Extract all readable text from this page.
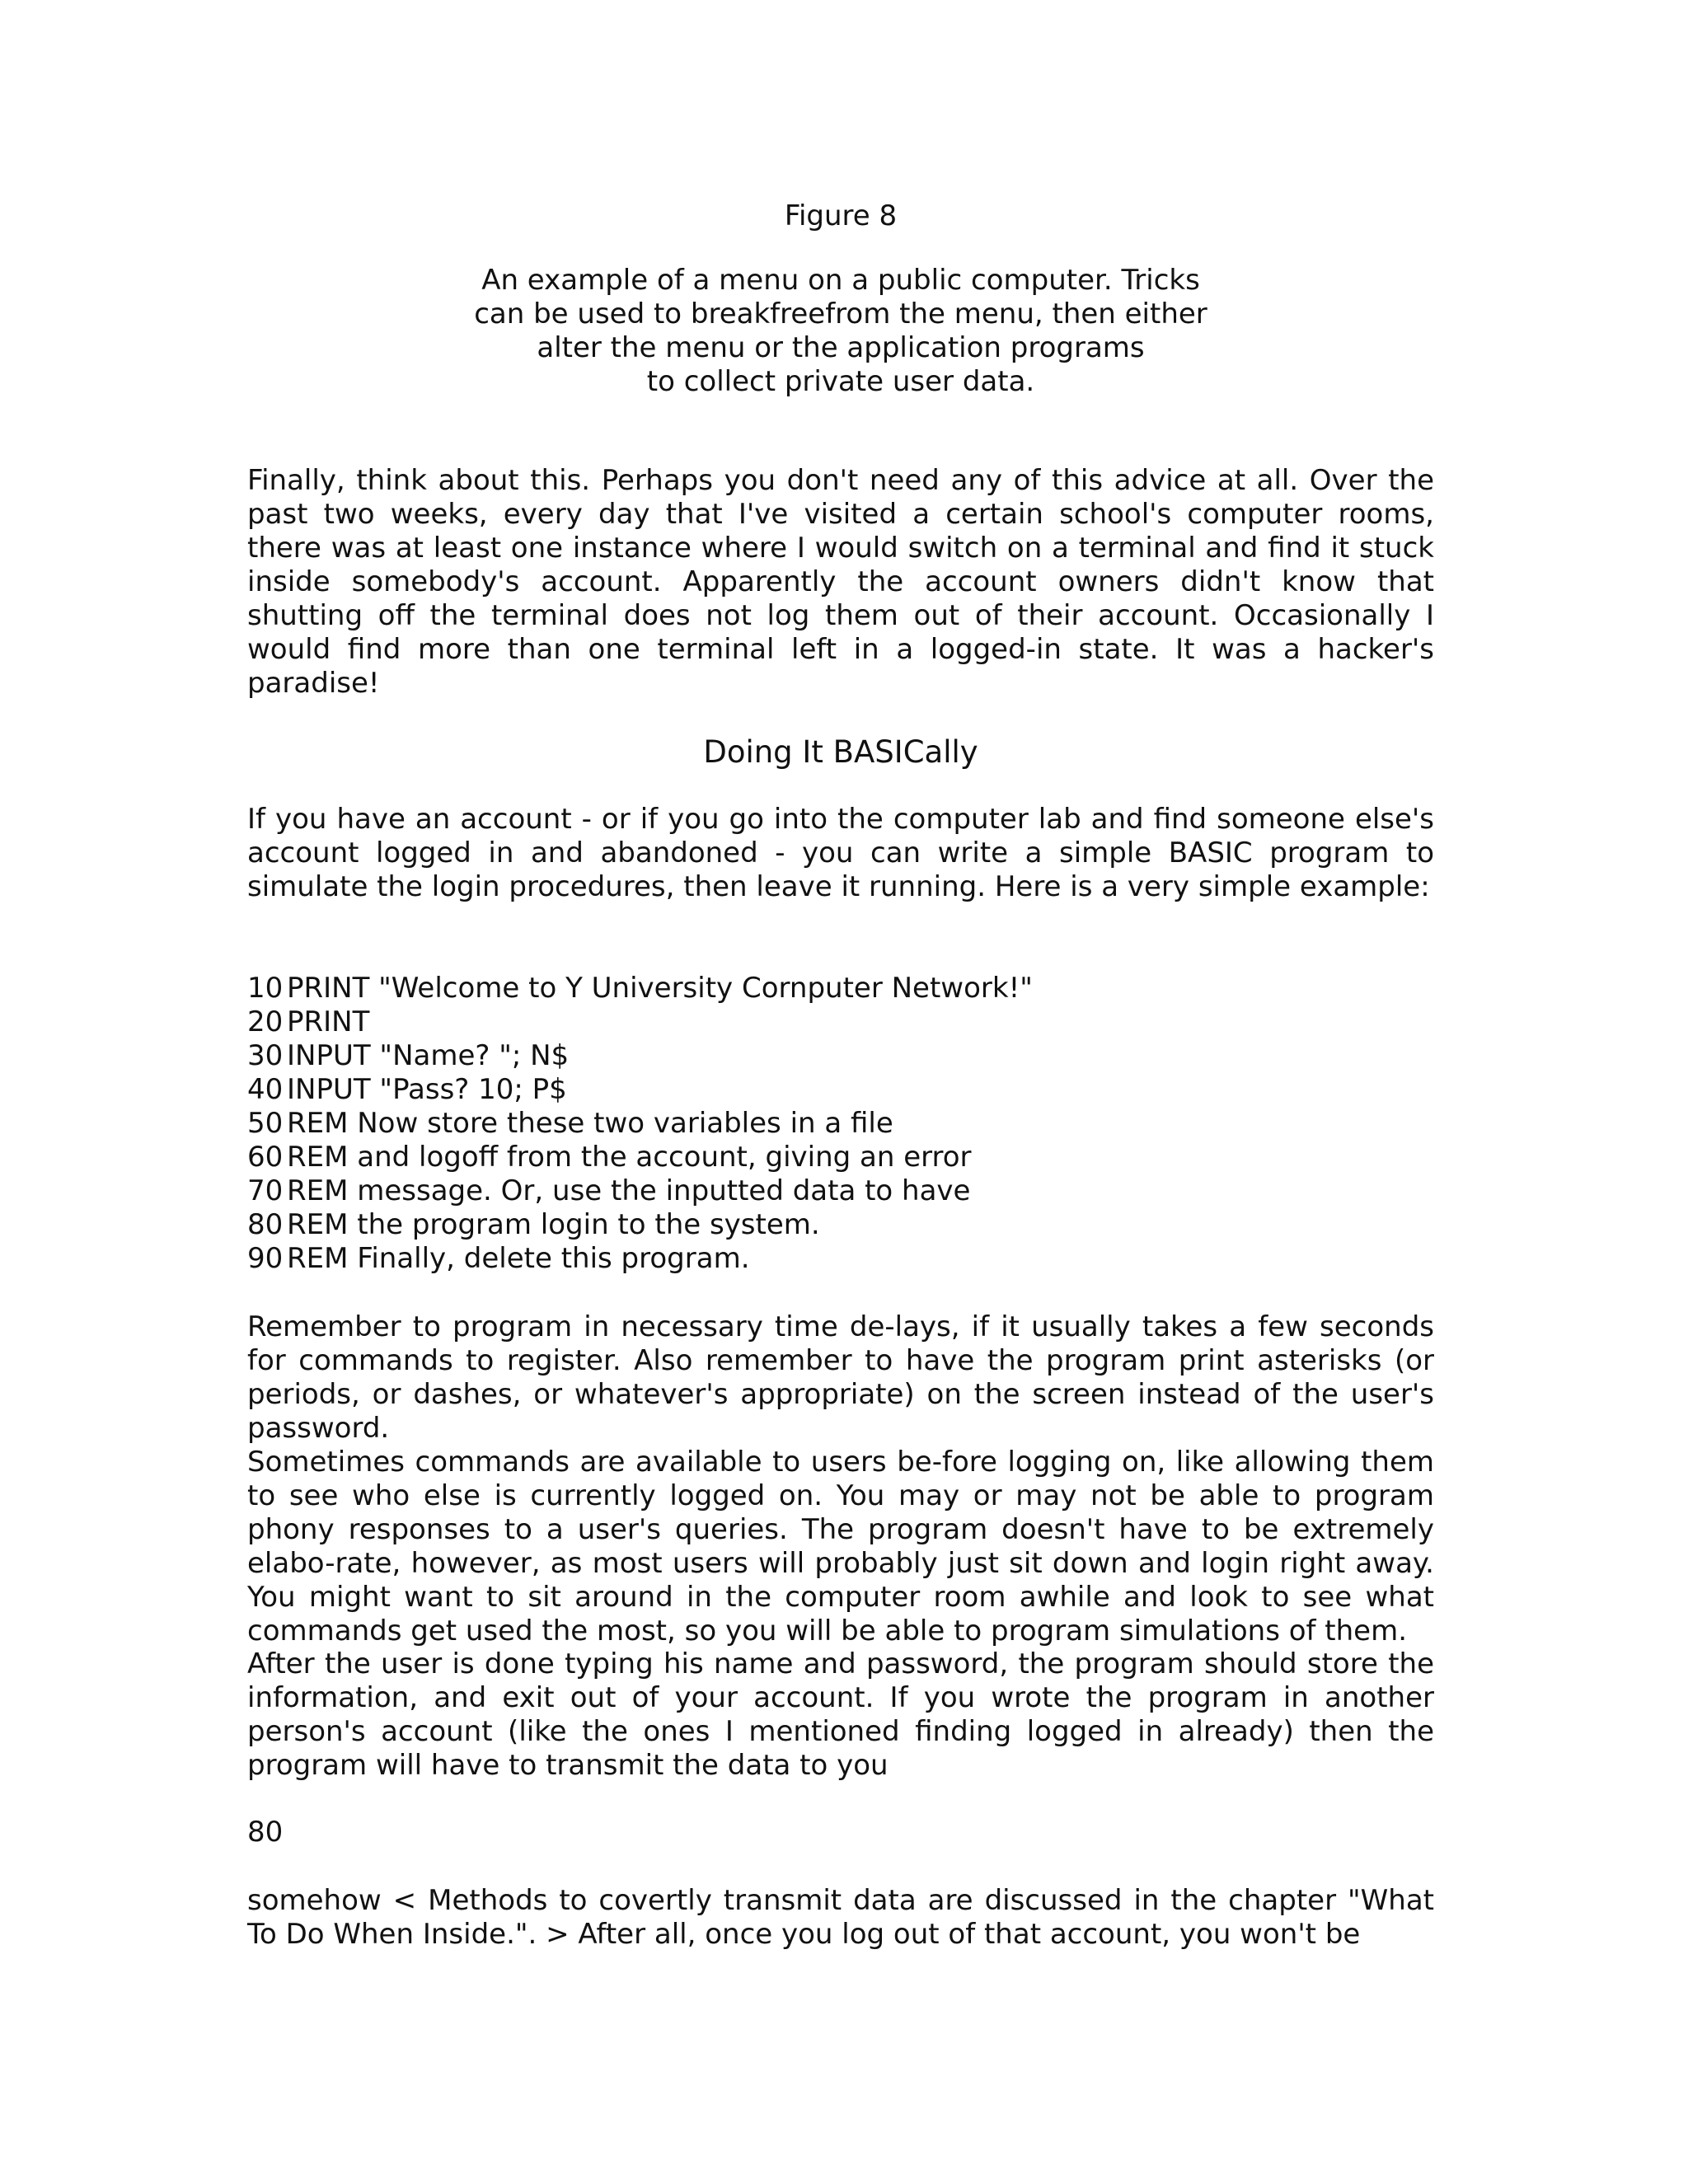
Figure 8
An example of a menu on a public computer. Tricks
can be used to breakfreefrom the menu, then either
alter the menu or the application programs
to collect private user data.

Finally, think about this. Perhaps you don't need any of this advice at all. Over the past two weeks, every day that I've visited a certain school's computer rooms, there was at least one instance where I would switch on a terminal and find it stuck inside somebody's account. Apparently the account owners didn't know that shutting off the terminal does not log them out of their account. Occasionally I would find more than one terminal left in a logged-in state. It was a hacker's paradise!

Doing It BASICally

If you have an account - or if you go into the computer lab and find someone else's account logged in and abandoned - you can write a simple BASIC program to simulate the login procedures, then leave it running. Here is a very simple example:

10 PRINT "Welcome to Y University Cornputer Network!"
20 PRINT
30 INPUT "Name? "; N$
40 INPUT "Pass? 10; P$
50 REM Now store these two variables in a file
60 REM and logoff from the account, giving an error
70 REM message. Or, use the inputted data to have
80 REM the program login to the system.
90 REM Finally, delete this program.

Remember to program in necessary time de-lays, if it usually takes a few seconds for commands to register. Also remember to have the program print asterisks (or periods, or dashes, or whatever's appropriate) on the screen instead of the user's password.

Sometimes commands are available to users be-fore logging on, like allowing them to see who else is currently logged on. You may or may not be able to program phony responses to a user's queries. The program doesn't have to be extremely elabo-rate, however, as most users will probably just sit down and login right away. You might want to sit around in the computer room awhile and look to see what commands get used the most, so you will be able to program simulations of them.

After the user is done typing his name and password, the program should store the information, and exit out of your account. If you wrote the program in another person's account (like the ones I mentioned finding logged in already) then the program will have to transmit the data to you

80

somehow < Methods to covertly transmit data are discussed in the chapter "What To Do When Inside.". > After all, once you log out of that account, you won't be
